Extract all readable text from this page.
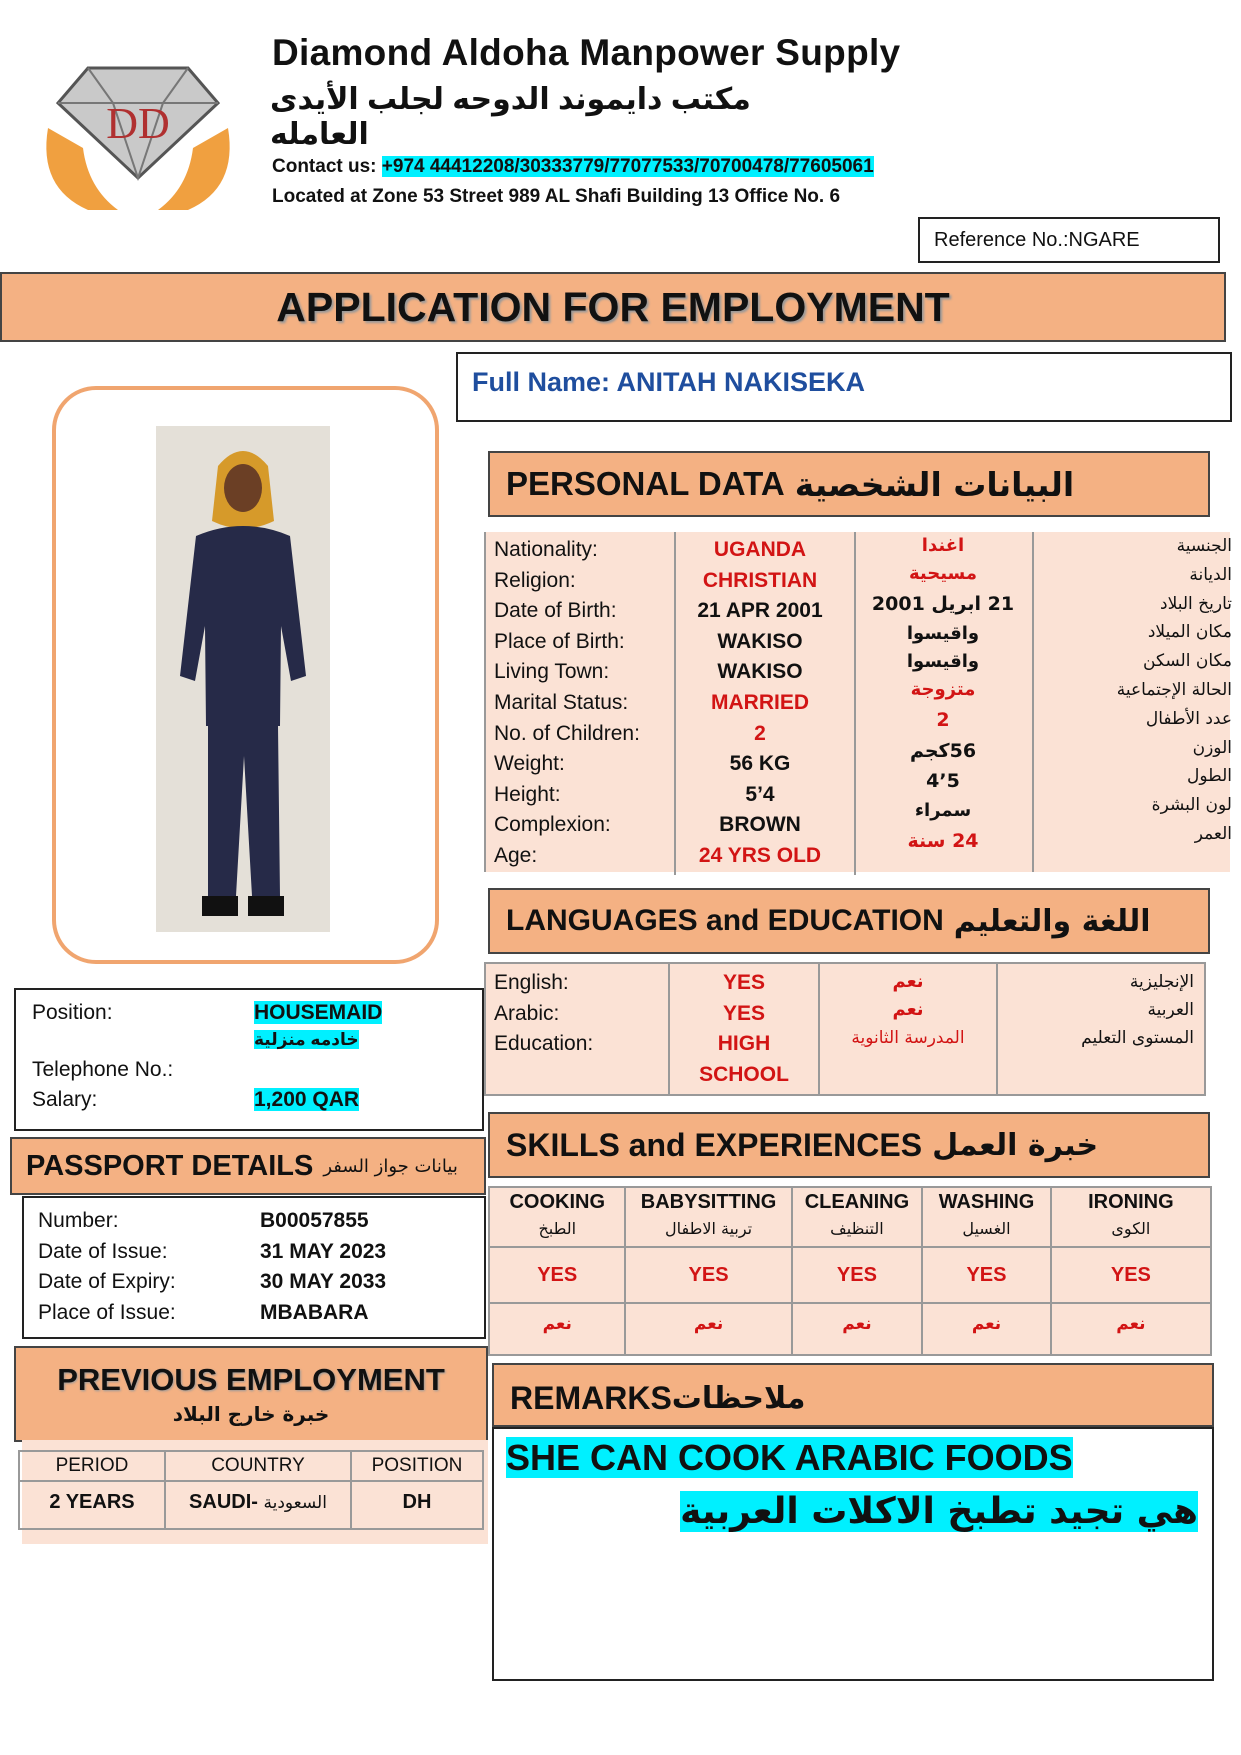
DD
Diamond Aldoha Manpower Supply
مكتب دايموند الدوحه لجلب الأيدى العامله
Contact us: +974 44412208/30333779/77077533/70700478/77605061
Located at Zone 53 Street 989 AL Shafi Building 13 Office No. 6
Reference No.:NGARE
APPLICATION FOR EMPLOYMENT
Full Name: ANITAH NAKISEKA
PERSONAL DATA البيانات الشخصية
Nationality:
Religion:
Date of Birth:
Place of Birth:
Living Town:
Marital Status:
No. of Children:
Weight:
Height:
Complexion:
Age:
UGANDA
CHRISTIAN
21 APR 2001
WAKISO
WAKISO
MARRIED
2
56 KG
5’4
BROWN
24 YRS OLD
اغندا
مسيحية
21 ابريل 2001
واقيسوا
واقيسوا
متزوجة
2
56كجم
5’4
سمراء
24 سنة
الجنسية
الديانة
تاريخ البلاد
مكان الميلاد
مكان السكن
الحالة الإجتماعية
عدد الأطفال
الوزن
الطول
لون البشرة
العمر
LANGUAGES and EDUCATION اللغة والتعليم
English:
Arabic:
Education:
YES
YES
HIGH
SCHOOL
نعم
نعم
المدرسة الثانوية
الإنجليزية
العربية
المستوى التعليم
Position:	HOUSEMAID
خادمه منزلية
Telephone No.:
Salary:	1,200 QAR
PASSPORT DETAILS بيانات جواز السفر
Number:
Date of Issue:
Date of Expiry:
Place of Issue:
B00057855
31 MAY 2023
30 MAY 2033
MBABARA
PREVIOUS EMPLOYMENT
خبرة خارج البلاد
PERIOD
2 YEARS
COUNTRY
SAUDI- السعودية
POSITION
DH
SKILLS and EXPERIENCES خبرة العمل
COOKING
الطبخ
YES
نعم
BABYSITTING
تربية الاطفال
YES
نعم
CLEANING
التنظيف
YES
نعم
WASHING
الغسيل
YES
نعم
IRONING
الكوى
YES
نعم
REMARKS ملاحظات
SHE CAN COOK ARABIC FOODS
هي تجيد تطبخ الاكلات العربية
